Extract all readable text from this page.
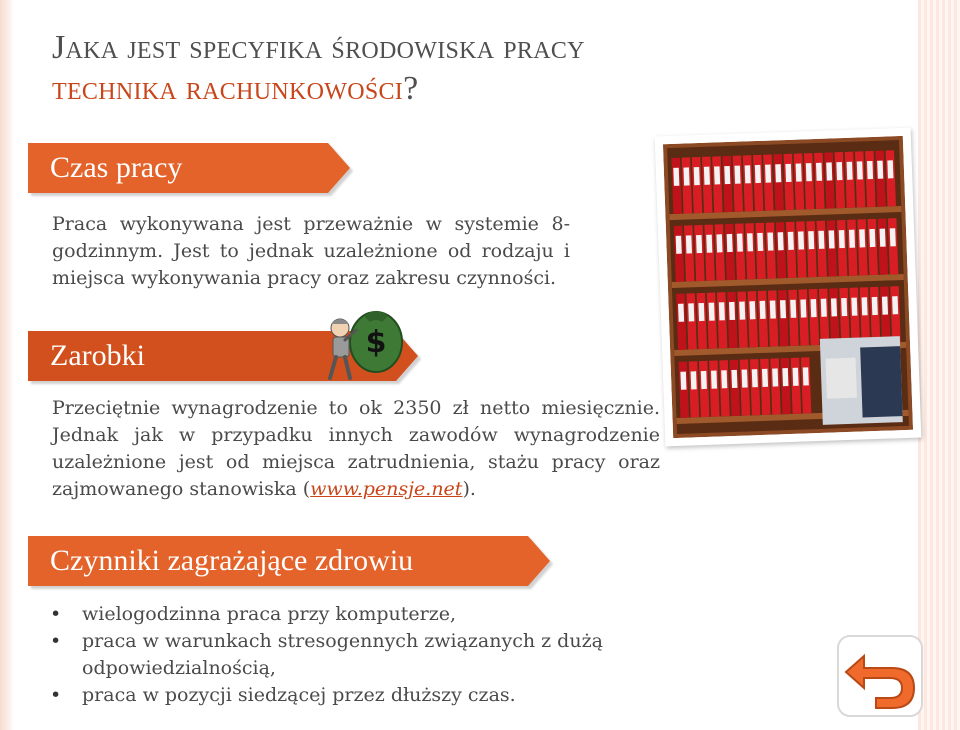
Jaka jest specyfika środowiska pracy
technika rachunkowości?
Czas pracy
Praca wykonywana jest przeważnie w systemie 8-godzinnym. Jest to jednak uzależnione od rodzaju i miejsca wykonywania pracy oraz zakresu czynności.
Zarobki	$
Przeciętnie wynagrodzenie to ok 2350 zł netto miesięcznie. Jednak jak w przypadku innych zawodów wynagrodzenie uzależnione jest od miejsca zatrudnienia, stażu pracy oraz zajmowanego stanowiska (www.pensje.net).
Czynniki zagrażające zdrowiu
• wielogodzinna praca przy komputerze,
• praca w warunkach stresogennych związanych z dużą odpowiedzialnością,
• praca w pozycji siedzącej przez dłuższy czas.
